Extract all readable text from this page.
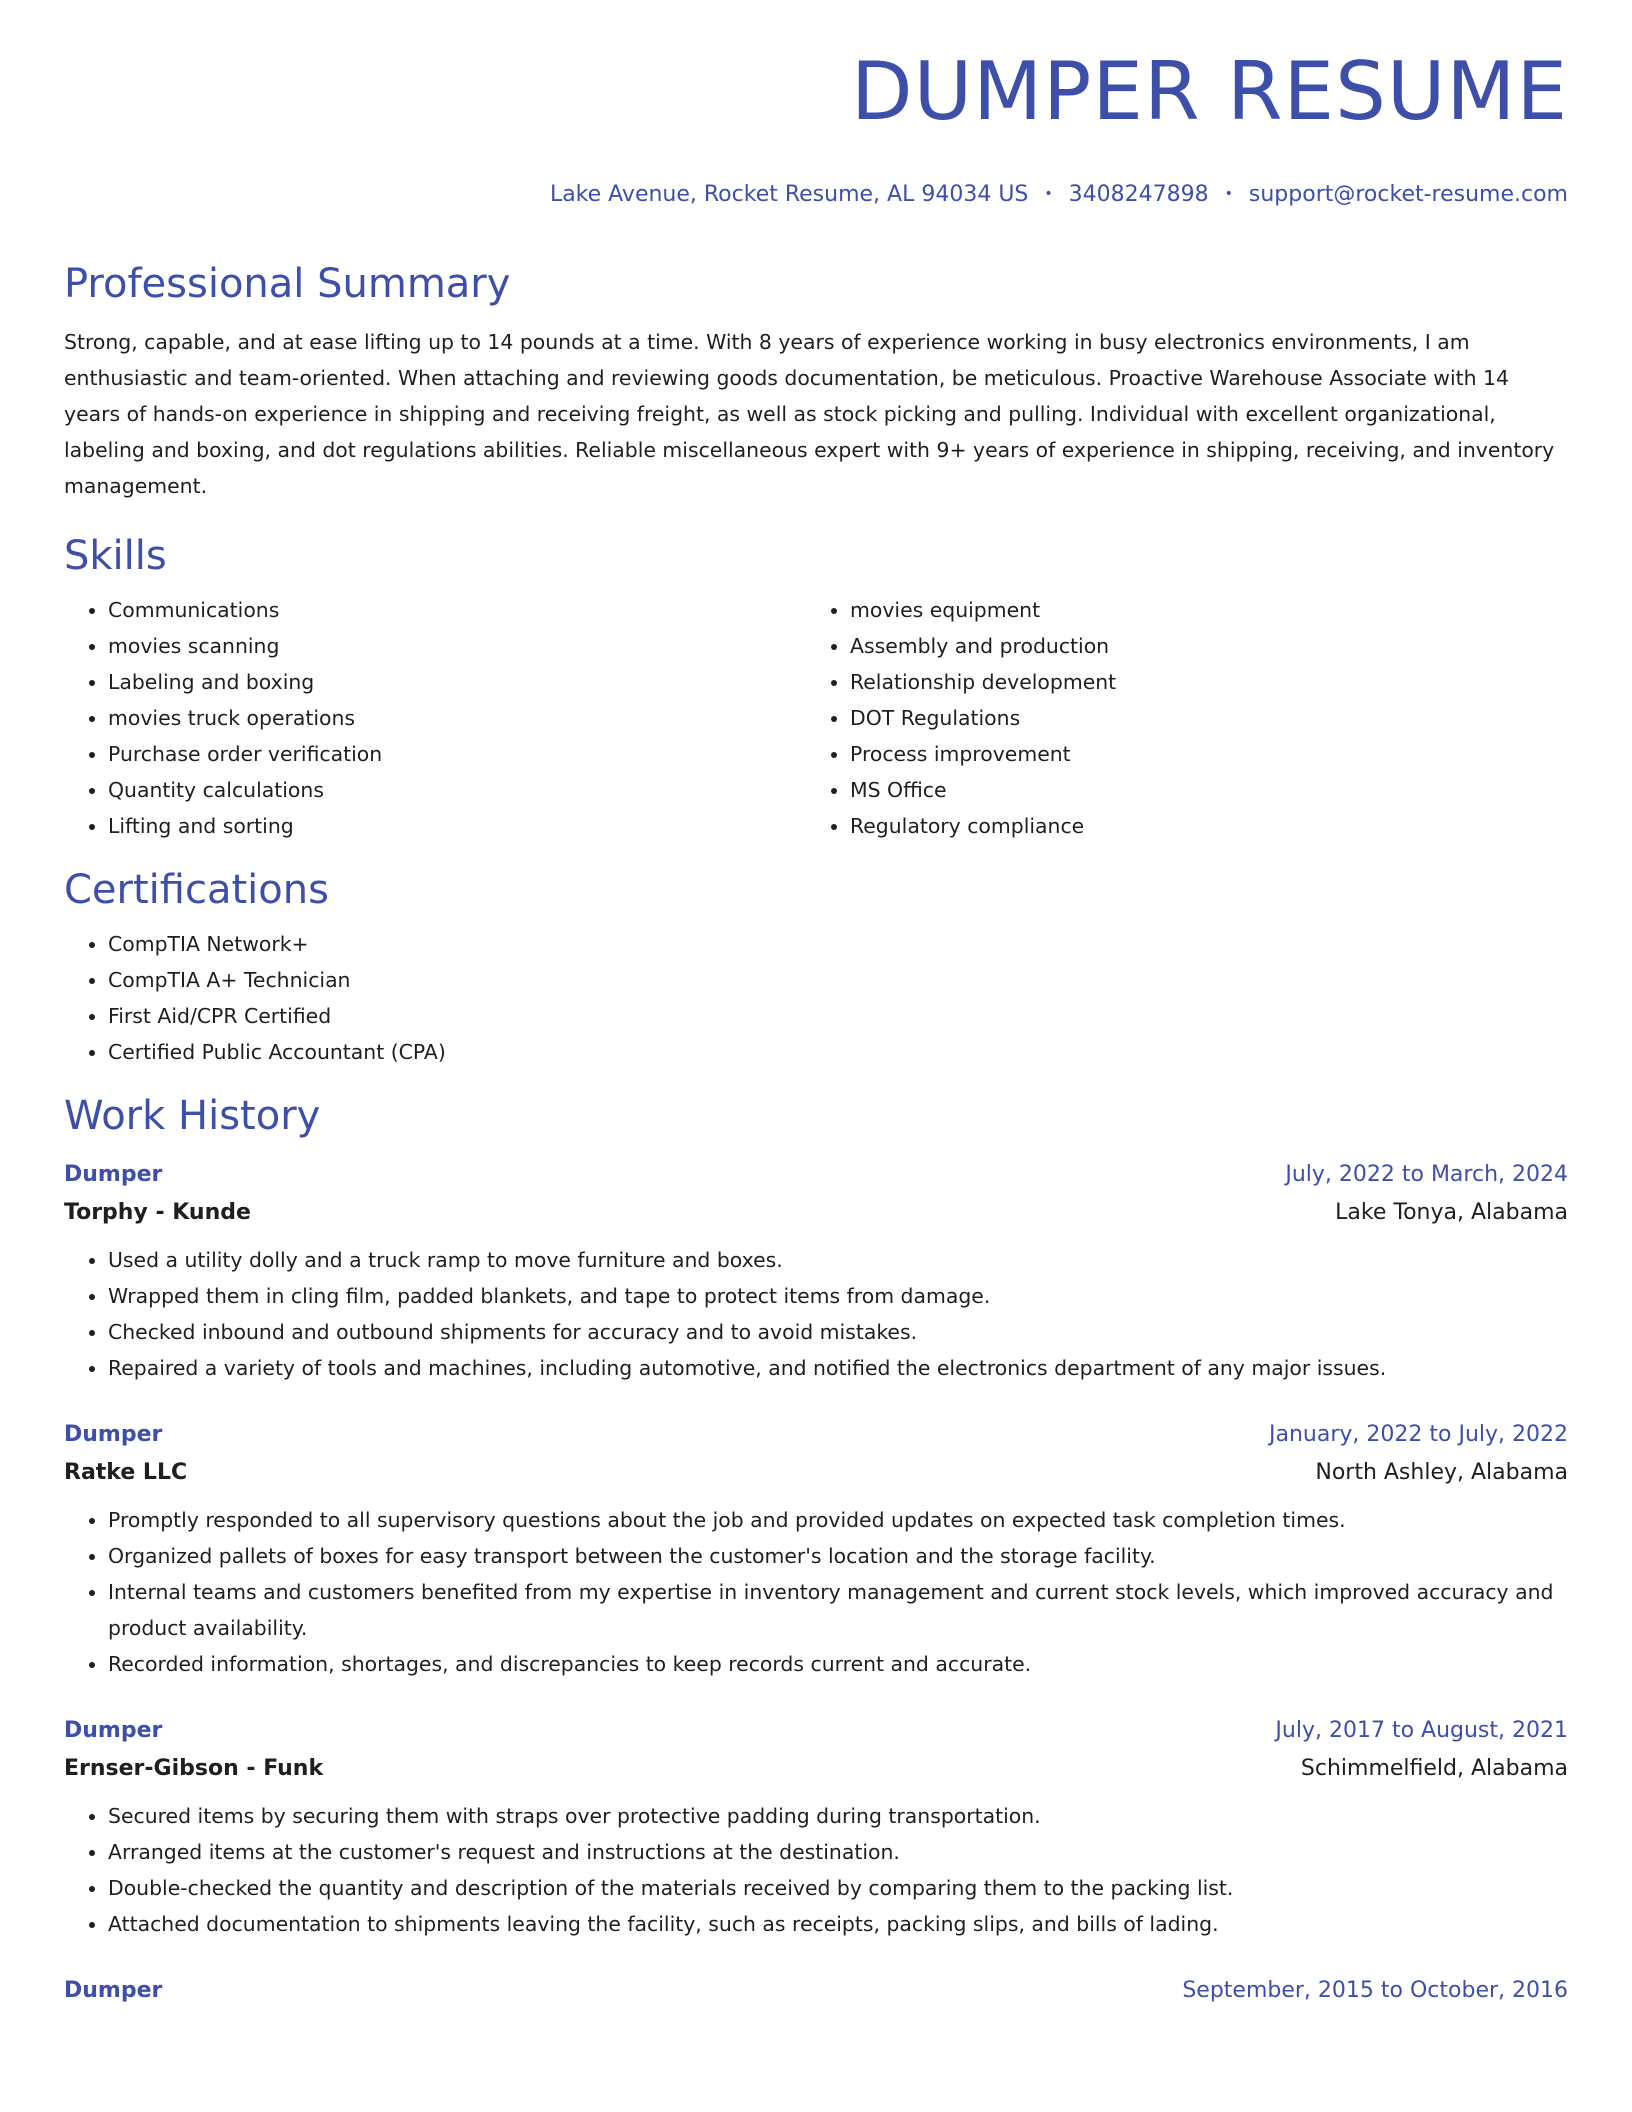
DUMPER RESUME
Lake Avenue, Rocket Resume, AL 94034 US • 3408247898 • support@rocket-resume.com
Professional Summary

Strong, capable, and at ease lifting up to 14 pounds at a time. With 8 years of experience working in busy electronics environments, I am enthusiastic and team-oriented. When attaching and reviewing goods documentation, be meticulous. Proactive Warehouse Associate with 14 years of hands-on experience in shipping and receiving freight, as well as stock picking and pulling. Individual with excellent organizational, labeling and boxing, and dot regulations abilities. Reliable miscellaneous expert with 9+ years of experience in shipping, receiving, and inventory management.

Skills
• Communications
• movies scanning
• Labeling and boxing
• movies truck operations
• Purchase order verification
• Quantity calculations
• Lifting and sorting
• movies equipment
• Assembly and production
• Relationship development
• DOT Regulations
• Process improvement
• MS Office
• Regulatory compliance
Certifications
• CompTIA Network+
• CompTIA A+ Technician
• First Aid/CPR Certified
• Certified Public Accountant (CPA)
Work History
Dumper	July, 2022 to March, 2024
Torphy - Kunde	Lake Tonya, Alabama
• Used a utility dolly and a truck ramp to move furniture and boxes.
• Wrapped them in cling film, padded blankets, and tape to protect items from damage.
• Checked inbound and outbound shipments for accuracy and to avoid mistakes.
• Repaired a variety of tools and machines, including automotive, and notified the electronics department of any major issues.
Dumper	January, 2022 to July, 2022
Ratke LLC	North Ashley, Alabama
• Promptly responded to all supervisory questions about the job and provided updates on expected task completion times.
• Organized pallets of boxes for easy transport between the customer's location and the storage facility.
• Internal teams and customers benefited from my expertise in inventory management and current stock levels, which improved accuracy and product availability.
• Recorded information, shortages, and discrepancies to keep records current and accurate.
Dumper	July, 2017 to August, 2021
Ernser-Gibson - Funk	Schimmelfield, Alabama
• Secured items by securing them with straps over protective padding during transportation.
• Arranged items at the customer's request and instructions at the destination.
• Double-checked the quantity and description of the materials received by comparing them to the packing list.
• Attached documentation to shipments leaving the facility, such as receipts, packing slips, and bills of lading.
Dumper	September, 2015 to October, 2016
